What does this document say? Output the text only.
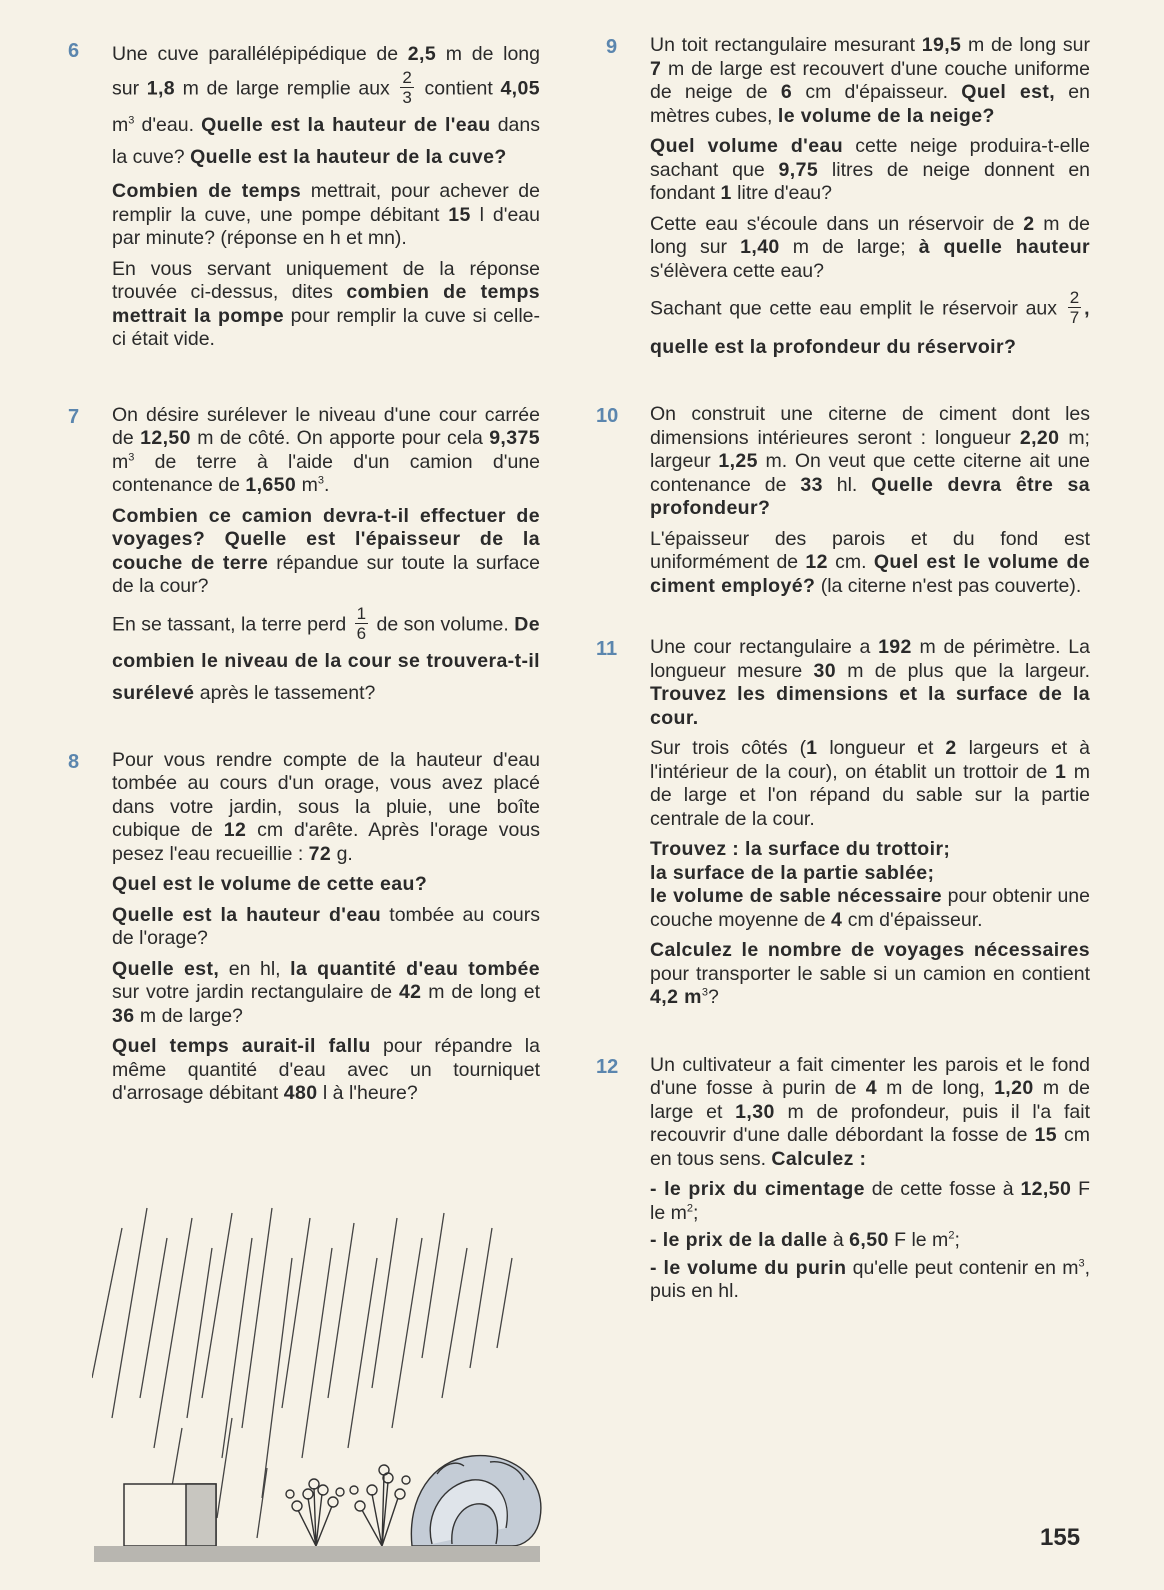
6 Une cuve parallélépipédique de 2,5 m de long sur 1,8 m de large remplie aux $\frac{2}{3}$ contient 4,05 $m^3$ d'eau. Quelle est la hauteur de l'eau dans la cuve? Quelle est la hauteur de la cuve?

Combien de temps mettrait, pour achever de remplir la cuve, une pompe débitant 15 l d'eau par minute? (réponse en h et mn).

En vous servant uniquement de la réponse trouvée ci-dessus, dites combien de temps mettrait la pompe pour remplir la cuve si celle-ci était vide.

7 On désire surélever le niveau d'une cour carrée de 12,50 m de côté. On apporte pour cela 9,375 $m^3$ de terre à l'aide d'un camion d'une contenance de 1,650 $m^3$.

Combien ce camion devra-t-il effectuer de voyages? Quelle est l'épaisseur de la couche de terre répandue sur toute la surface de la cour?

En se tassant, la terre perd $\frac{1}{6}$ de son volume. De combien le niveau de la cour se trouvera-t-il surélevé après le tassement?

8 Pour vous rendre compte de la hauteur d'eau tombée au cours d'un orage, vous avez placé dans votre jardin, sous la pluie, une boîte cubique de 12 cm d'arête. Après l'orage vous pesez l'eau recueillie : 72 g.

Quel est le volume de cette eau?

Quelle est la hauteur d'eau tombée au cours de l'orage?

Quelle est, en hl, la quantité d'eau tombée sur votre jardin rectangulaire de 42 m de long et 36 m de large?

Quel temps aurait-il fallu pour répandre la même quantité d'eau avec un tourniquet d'arrosage débitant 480 l à l'heure?

9 Un toit rectangulaire mesurant 19,5 m de long sur 7 m de large est recouvert d'une couche uniforme de neige de 6 cm d'épaisseur. Quel est, en mètres cubes, le volume de la neige?

Quel volume d'eau cette neige produira-t-elle sachant que 9,75 litres de neige donnent en fondant 1 litre d'eau?

Cette eau s'écoule dans un réservoir de 2 m de long sur 1,40 m de large; à quelle hauteur s'élèvera cette eau?

Sachant que cette eau emplit le réservoir aux $\frac{2}{7}$ , quelle est la profondeur du réservoir?

10 On construit une citerne de ciment dont les dimensions intérieures seront : longueur 2,20 m; largeur 1,25 m. On veut que cette citerne ait une contenance de 33 hl. Quelle devra être sa profondeur?

L'épaisseur des parois et du fond est uniformément de 12 cm. Quel est le volume de ciment employé? (la citerne n'est pas couverte).

11 Une cour rectangulaire a 192 m de périmètre. La longueur mesure 30 m de plus que la largeur. Trouvez les dimensions et la surface de la cour.

Sur trois côtés (1 longueur et 2 largeurs et à l'intérieur de la cour), on établit un trottoir de 1 m de large et l'on répand du sable sur la partie centrale de la cour.

Trouvez : la surface du trottoir;
la surface de la partie sablée;
le volume de sable nécessaire pour obtenir une couche moyenne de 4 cm d'épaisseur.

Calculez le nombre de voyages nécessaires pour transporter le sable si un camion en contient 4,2 $m^3$?

12 Un cultivateur a fait cimenter les parois et le fond d'une fosse à purin de 4 m de long, 1,20 m de large et 1,30 m de profondeur, puis il l'a fait recouvrir d'une dalle débordant la fosse de 15 cm en tous sens. Calculez :

- le prix du cimentage de cette fosse à 12,50 F le $m^2$;

- le prix de la dalle à 6,50 F le $m^2$;

- le volume du purin qu'elle peut contenir en $m^3$, puis en hl.

155
